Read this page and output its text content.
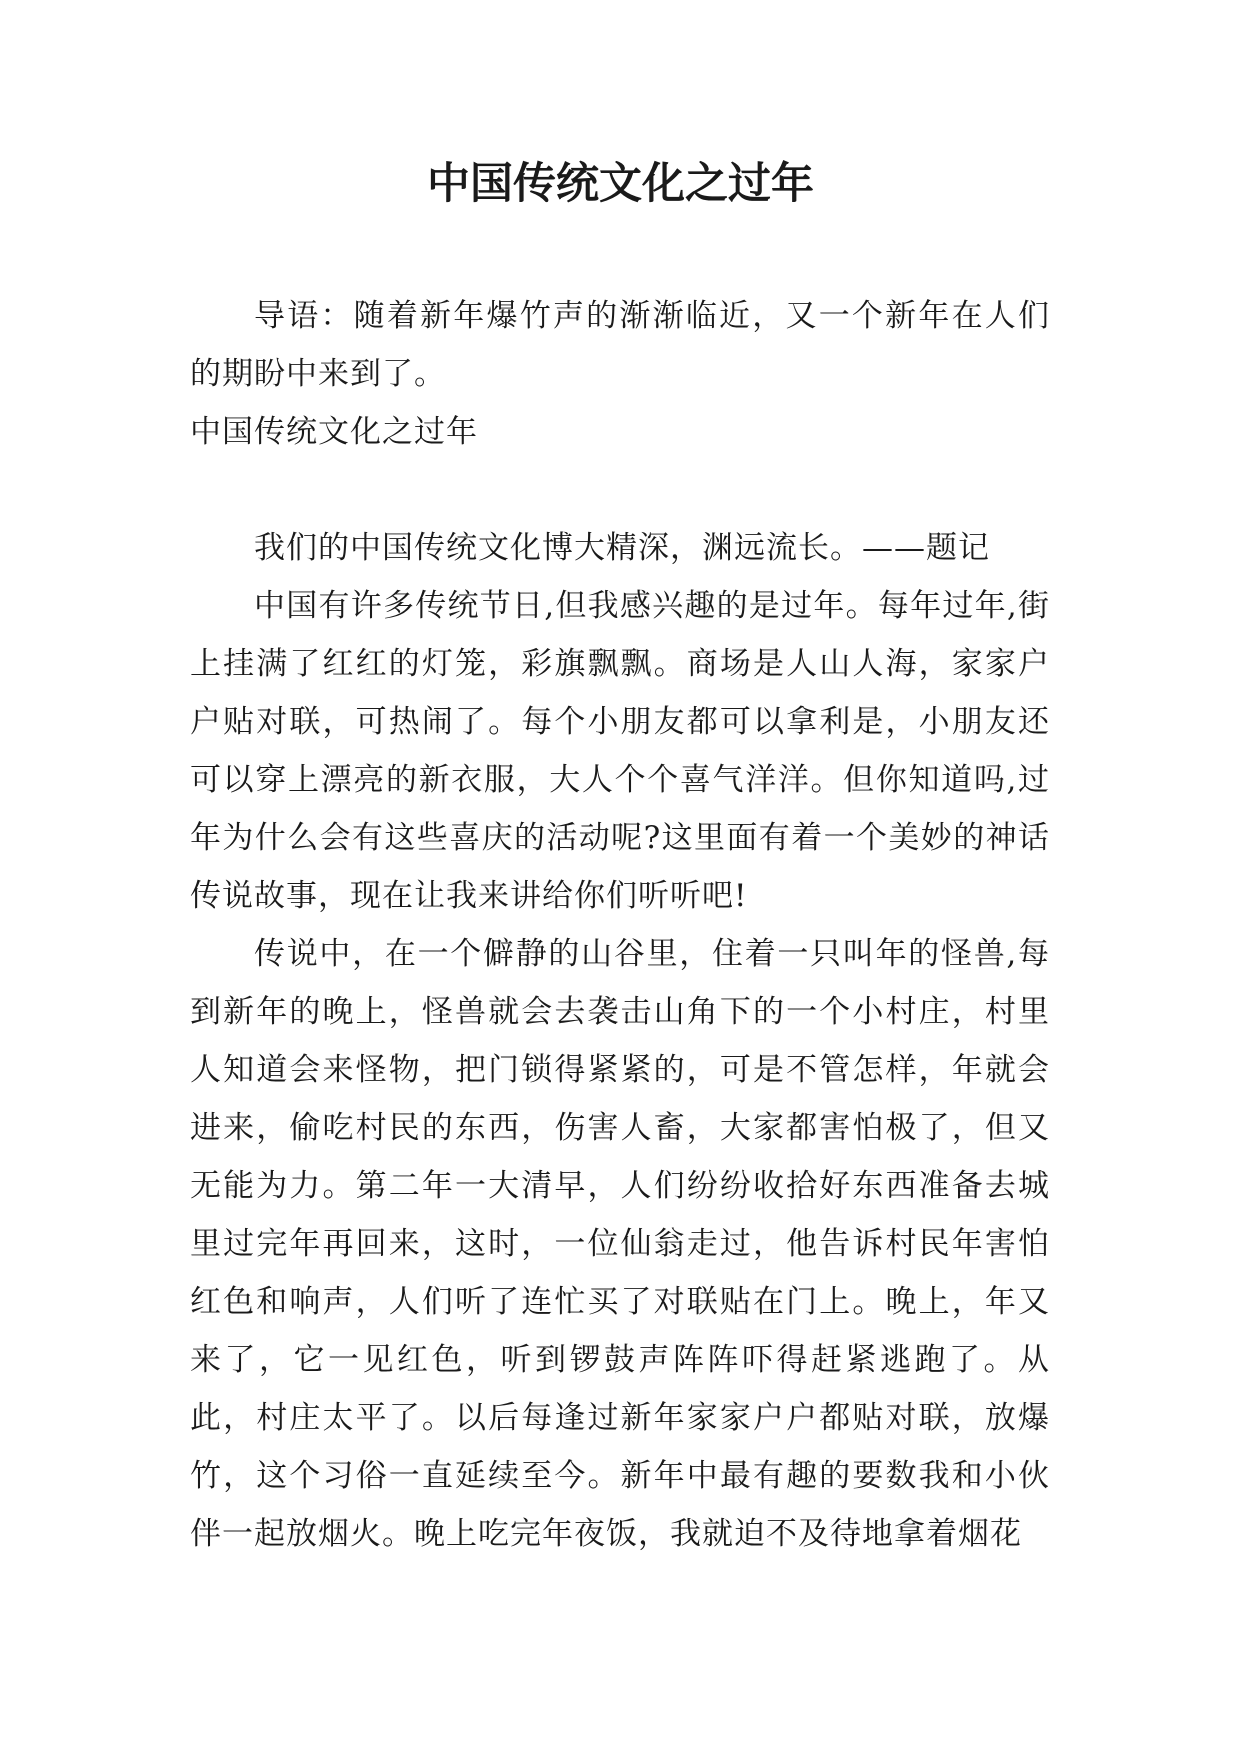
中国传统文化之过年

导语：随着新年爆竹声的渐渐临近，又一个新年在人们的期盼中来到了。

中国传统文化之过年

我们的中国传统文化博大精深，渊远流长。——题记

中国有许多传统节日,但我感兴趣的是过年。每年过年,街上挂满了红红的灯笼，彩旗飘飘。商场是人山人海，家家户户贴对联，可热闹了。每个小朋友都可以拿利是，小朋友还可以穿上漂亮的新衣服，大人个个喜气洋洋。但你知道吗,过年为什么会有这些喜庆的活动呢?这里面有着一个美妙的神话传说故事，现在让我来讲给你们听听吧!

传说中，在一个僻静的山谷里，住着一只叫年的怪兽,每到新年的晚上，怪兽就会去袭击山角下的一个小村庄，村里人知道会来怪物，把门锁得紧紧的，可是不管怎样，年就会进来，偷吃村民的东西，伤害人畜，大家都害怕极了，但又无能为力。第二年一大清早，人们纷纷收拾好东西准备去城里过完年再回来，这时，一位仙翁走过，他告诉村民年害怕红色和响声，人们听了连忙买了对联贴在门上。晚上，年又来了，它一见红色，听到锣鼓声阵阵吓得赶紧逃跑了。从此，村庄太平了。以后每逢过新年家家户户都贴对联，放爆竹，这个习俗一直延续至今。新年中最有趣的要数我和小伙伴一起放烟火。晚上吃完年夜饭，我就迫不及待地拿着烟花
